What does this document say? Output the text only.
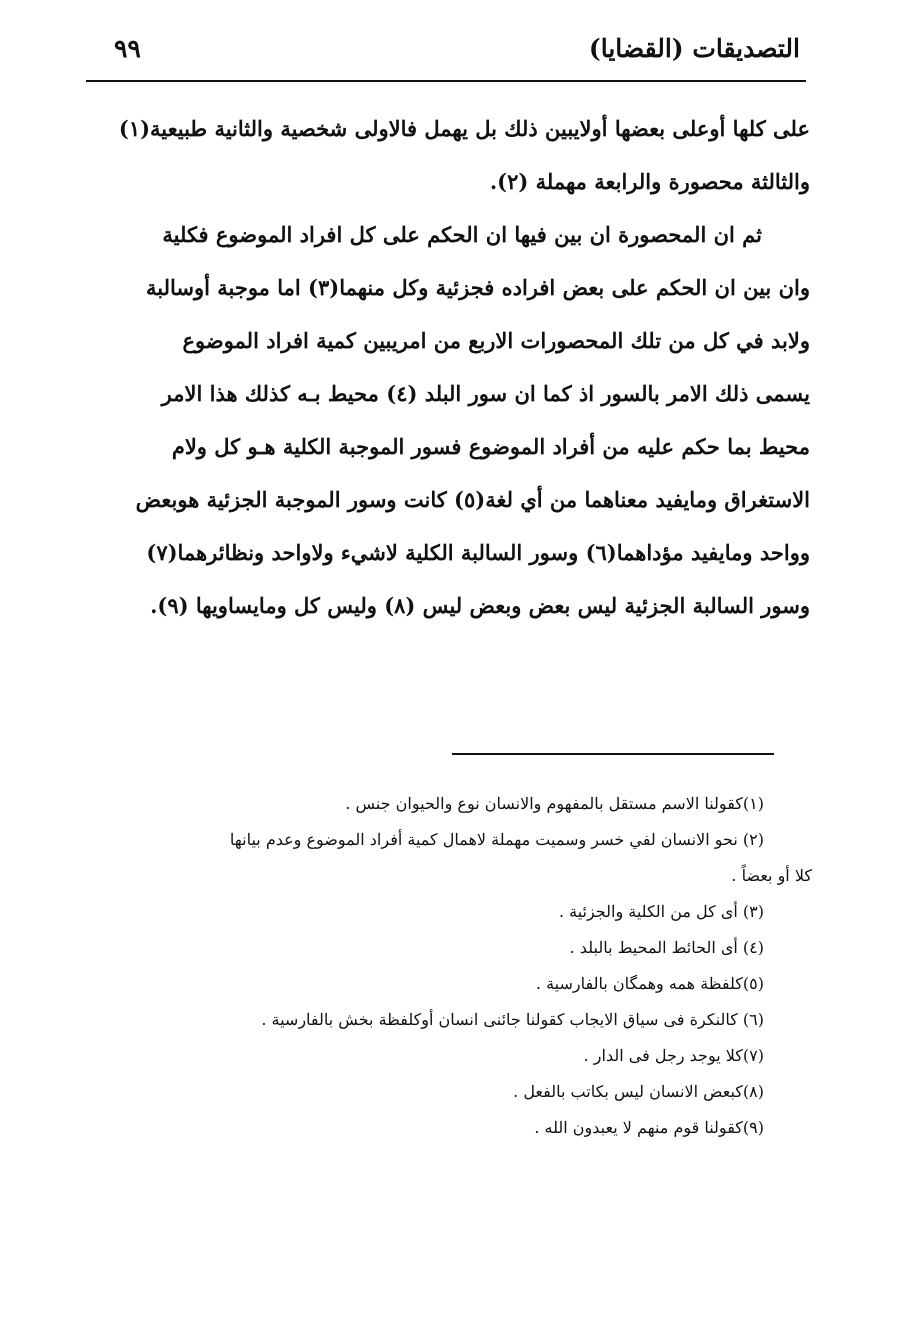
التصديقات (القضايا)
٩٩
على كلها أوعلى بعضها أولايبين ذلك بل يهمل فالاولى شخصية والثانية طبيعية(١)
والثالثة محصورة والرابعة مهملة (٢).
ثم ان المحصورة ان بين فيها ان الحكم على كل افراد الموضوع فكلية
وان بين ان الحكم على بعض افراده فجزئية وكل منهما(٣) اما موجبة أوسالبة
ولابد في كل من تلك المحصورات الاربع من امريبين كمية افراد الموضوع
يسمى ذلك الامر بالسور اذ كما ان سور البلد (٤) محيط بـه كذلك هذا الامر
محيط بما حكم عليه من أفراد الموضوع فسور الموجبة الكلية هـو كل ولام
الاستغراق ومايفيد معناهما من أي لغة(٥) كانت وسور الموجبة الجزئية هوبعض
وواحد ومايفيد مؤداهما(٦) وسور السالبة الكلية لاشيء ولاواحد ونظائرهما(٧)
وسور السالبة الجزئية ليس بعض وبعض ليس (٨) وليس كل ومايساويها (٩).
(١)كقولنا الاسم مستقل بالمفهوم والانسان نوع والحيوان جنس .
(٢) نحو الانسان لفي خسر وسميت مهملة لاهمال كمية أفراد الموضوع وعدم بيانها
كلا أو بعضاً .
(٣) أى كل من الكلية والجزئية .
(٤) أى الحائط المحيط بالبلد .
(٥)كلفظة همه وهمگان بالفارسية .
(٦) كالنكرة فى سياق الايجاب كقولنا جائنى انسان أوكلفظة بخش بالفارسية .
(٧)كلا يوجد رجل فى الدار .
(٨)كبعض الانسان ليس بكاتب بالفعل .
(٩)كقولنا قوم منهم لا يعبدون الله .
